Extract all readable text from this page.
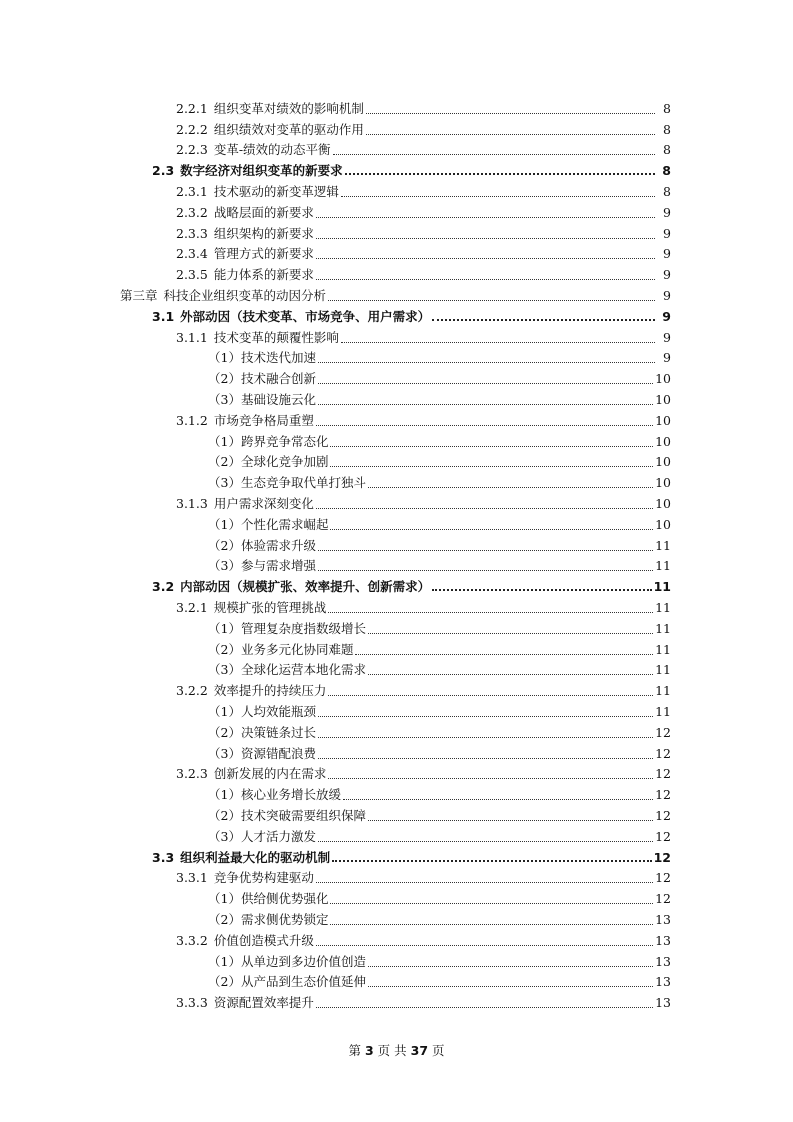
2.2.1 组织变革对绩效的影响机制	8
2.2.2 组织绩效对变革的驱动作用	8
2.2.3 变革-绩效的动态平衡	8
2.3 数字经济对组织变革的新要求	8
2.3.1 技术驱动的新变革逻辑	8
2.3.2 战略层面的新要求	9
2.3.3 组织架构的新要求	9
2.3.4 管理方式的新要求	9
2.3.5 能力体系的新要求	9
第三章 科技企业组织变革的动因分析	9
3.1 外部动因（技术变革、市场竞争、用户需求）	9
3.1.1 技术变革的颠覆性影响	9
（1） 技术迭代加速	9
（2） 技术融合创新	10
（3） 基础设施云化	10
3.1.2 市场竞争格局重塑	10
（1） 跨界竞争常态化	10
（2） 全球化竞争加剧	10
（3） 生态竞争取代单打独斗	10
3.1.3 用户需求深刻变化	10
（1） 个性化需求崛起	10
（2） 体验需求升级	11
（3） 参与需求增强	11
3.2 内部动因（规模扩张、效率提升、创新需求）	11
3.2.1 规模扩张的管理挑战	11
（1） 管理复杂度指数级增长	11
（2） 业务多元化协同难题	11
（3） 全球化运营本地化需求	11
3.2.2 效率提升的持续压力	11
（1） 人均效能瓶颈	11
（2） 决策链条过长	12
（3） 资源错配浪费	12
3.2.3 创新发展的内在需求	12
（1） 核心业务增长放缓	12
（2） 技术突破需要组织保障	12
（3） 人才活力激发	12
3.3 组织利益最大化的驱动机制	12
3.3.1 竞争优势构建驱动	12
（1） 供给侧优势强化	12
（2） 需求侧优势锁定	13
3.3.2 价值创造模式升级	13
（1） 从单边到多边价值创造	13
（2） 从产品到生态价值延伸	13
3.3.3 资源配置效率提升	13
第 3 页 共 37 页
